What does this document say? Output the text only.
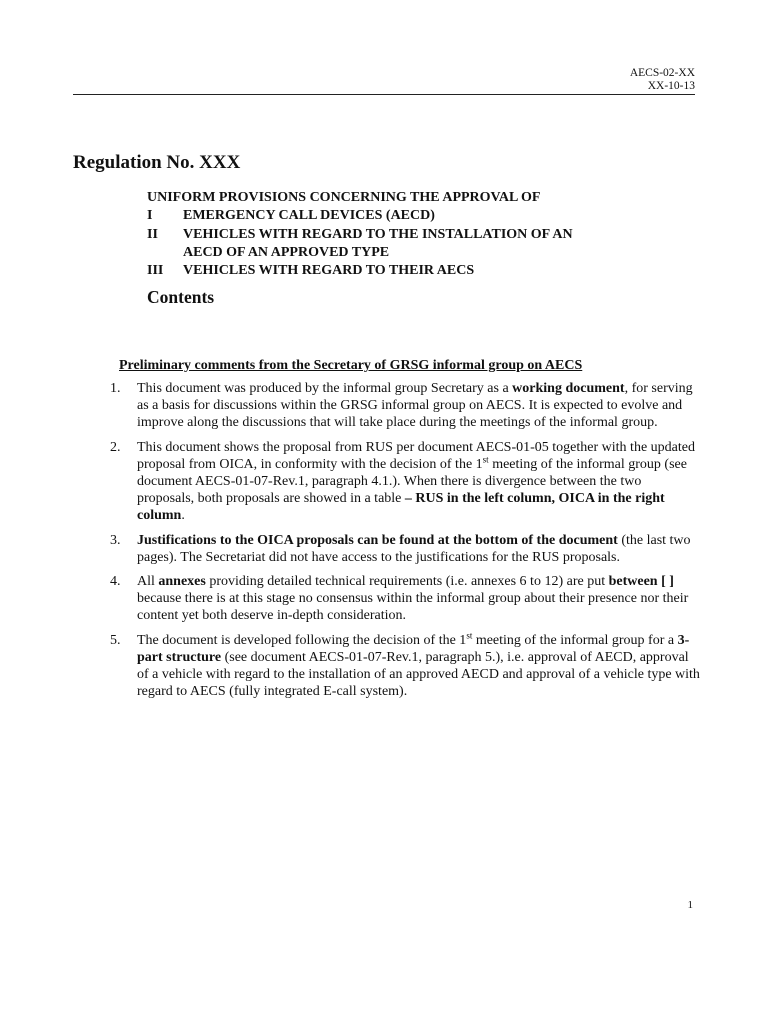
AECS-02-XX
XX-10-13
Regulation No. XXX
UNIFORM PROVISIONS CONCERNING THE APPROVAL OF
I	EMERGENCY CALL DEVICES (AECD)
II	VEHICLES WITH REGARD TO THE INSTALLATION OF AN
AECD OF AN APPROVED TYPE
III	VEHICLES WITH REGARD TO THEIR AECS
Contents
Preliminary comments from the Secretary of GRSG informal group on AECS
1.	This document was produced by the informal group Secretary as a working document, for serving as a basis for discussions within the GRSG informal group on AECS. It is expected to evolve and improve along the discussions that will take place during the meetings of the informal group.
2.	This document shows the proposal from RUS per document AECS-01-05 together with the updated proposal from OICA, in conformity with the decision of the 1st meeting of the informal group (see document AECS-01-07-Rev.1, paragraph 4.1.). When there is divergence between the two proposals, both proposals are showed in a table – RUS in the left column, OICA in the right column.
3.	Justifications to the OICA proposals can be found at the bottom of the document (the last two pages). The Secretariat did not have access to the justifications for the RUS proposals.
4.	All annexes providing detailed technical requirements (i.e. annexes 6 to 12) are put between [ ] because there is at this stage no consensus within the informal group about their presence nor their content yet both deserve in-depth consideration.
5.	The document is developed following the decision of the 1st meeting of the informal group for a 3-part structure (see document AECS-01-07-Rev.1, paragraph 5.), i.e. approval of AECD, approval of a vehicle with regard to the installation of an approved AECD and approval of a vehicle type with regard to AECS (fully integrated E-call system).
1
